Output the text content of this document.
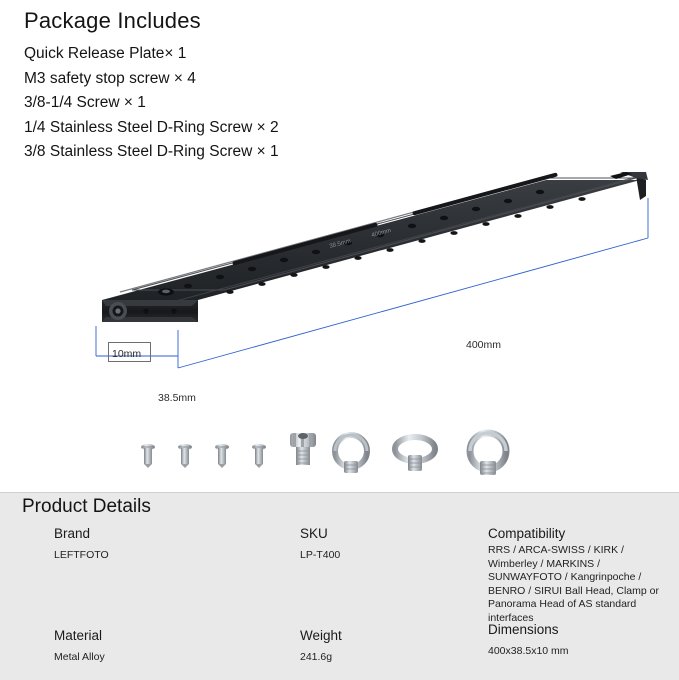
Package Includes
Quick Release Plate× 1
M3 safety stop screw × 4
3/8-1/4 Screw × 1
1/4 Stainless Steel D-Ring Screw × 2
3/8 Stainless Steel D-Ring Screw × 1
38.5mm
400mm
10mm
38.5mm
400mm
Product Details
Brand
LEFTFOTO
Material
Metal Alloy
SKU
LP-T400
Weight
241.6g
Compatibility
RRS / ARCA-SWISS / KIRK / Wimberley / MARKINS / SUNWAYFOTO / Kangrinpoche / BENRO / SIRUI Ball Head, Clamp or Panorama Head of AS standard interfaces
Dimensions
400x38.5x10 mm
